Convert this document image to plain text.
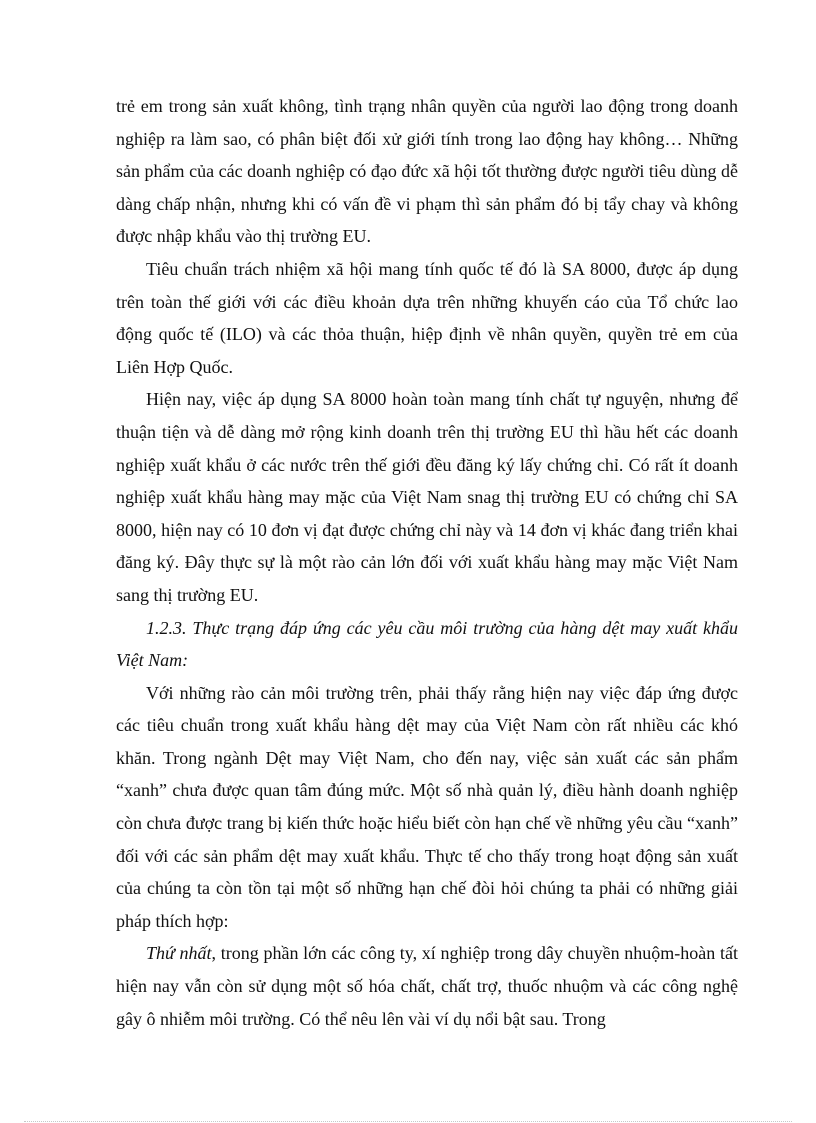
trẻ em trong sản xuất không, tình trạng nhân quyền của người lao động trong doanh nghiệp ra làm sao, có phân biệt đối xử giới tính trong lao động hay không… Những sản phẩm của các doanh nghiệp có đạo đức xã hội tốt thường được người tiêu dùng dễ dàng chấp nhận, nhưng khi có vấn đề vi phạm thì sản phẩm đó bị tẩy chay và không được nhập khẩu vào thị trường EU.

Tiêu chuẩn trách nhiệm xã hội mang tính quốc tế đó là SA 8000, được áp dụng trên toàn thế giới với các điều khoản dựa trên những khuyến cáo của Tổ chức lao động quốc tế (ILO) và các thỏa thuận, hiệp định về nhân quyền, quyền trẻ em của Liên Hợp Quốc.

Hiện nay, việc áp dụng SA 8000 hoàn toàn mang tính chất tự nguyện, nhưng để thuận tiện và dễ dàng mở rộng kinh doanh trên thị trường EU thì hầu hết các doanh nghiệp xuất khẩu ở các nước trên thế giới đều đăng ký lấy chứng chỉ. Có rất ít doanh nghiệp xuất khẩu hàng may mặc của Việt Nam snag thị trường EU có chứng chỉ SA 8000, hiện nay có 10 đơn vị đạt được chứng chỉ này và 14 đơn vị khác đang triển khai đăng ký. Đây thực sự là một rào cản lớn đối với xuất khẩu hàng may mặc Việt Nam sang thị trường EU.

1.2.3. Thực trạng đáp ứng các yêu cầu môi trường của hàng dệt may xuất khẩu Việt Nam:

Với những rào cản môi trường trên, phải thấy rằng hiện nay việc đáp ứng được các tiêu chuẩn trong xuất khẩu hàng dệt may của Việt Nam còn rất nhiều các khó khăn. Trong ngành Dệt may Việt Nam, cho đến nay, việc sản xuất các sản phẩm “xanh” chưa được quan tâm đúng mức. Một số nhà quản lý, điều hành doanh nghiệp còn chưa được trang bị kiến thức hoặc hiểu biết còn hạn chế về những yêu cầu “xanh” đối với các sản phẩm dệt may xuất khẩu. Thực tế cho thấy trong hoạt động sản xuất của chúng ta còn tồn tại một số những hạn chế đòi hỏi chúng ta phải có những giải pháp thích hợp:

Thứ nhất, trong phần lớn các công ty, xí nghiệp trong dây chuyền nhuộm-hoàn tất hiện nay vẫn còn sử dụng một số hóa chất, chất trợ, thuốc nhuộm và các công nghệ gây ô nhiễm môi trường. Có thể nêu lên vài ví dụ nổi bật sau. Trong
